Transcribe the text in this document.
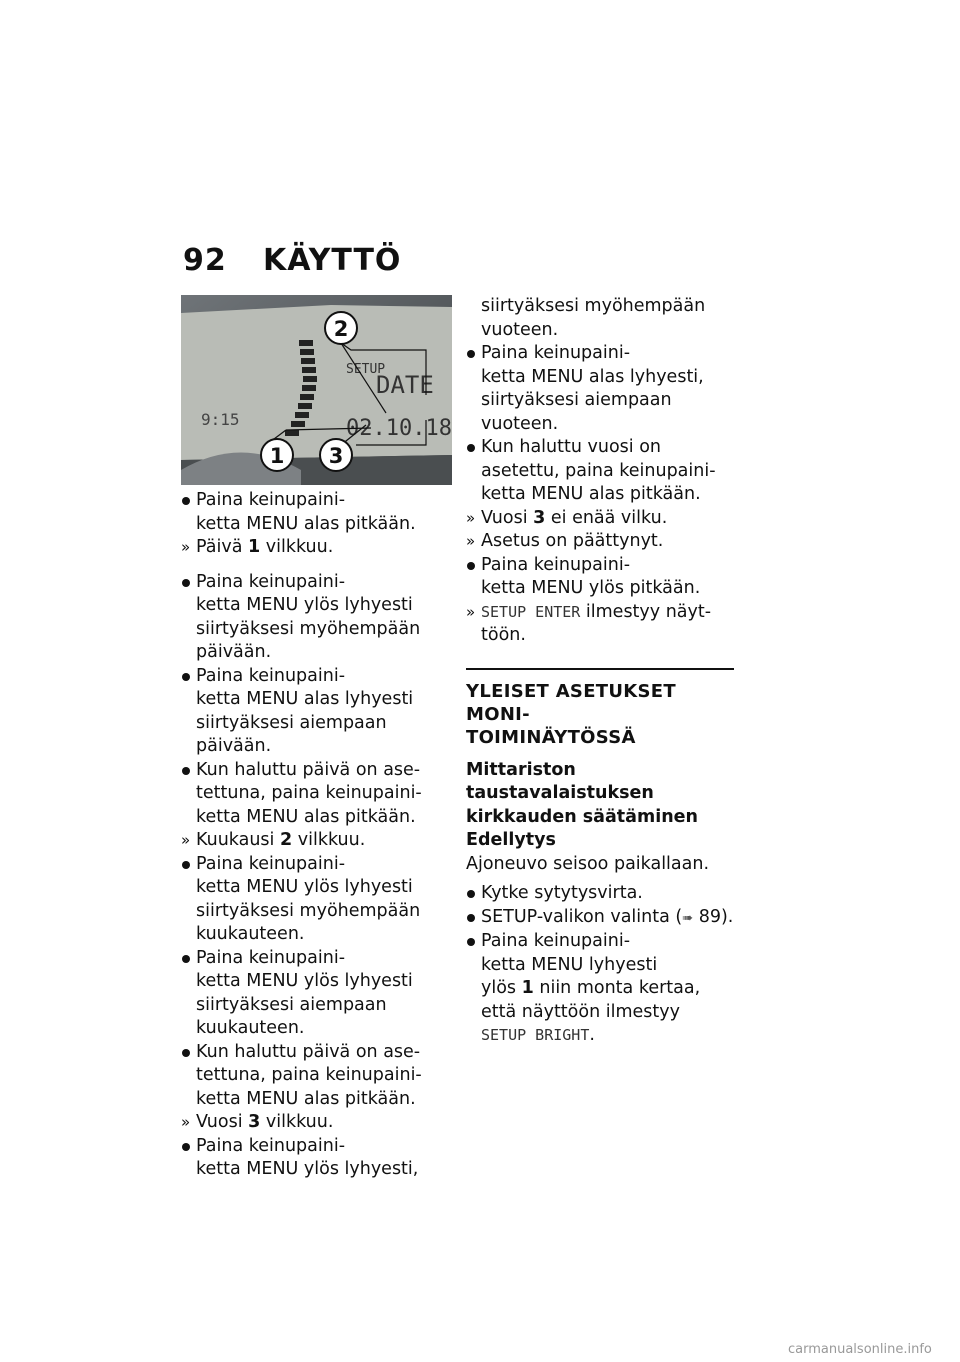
92 KÄYTTÖ
SETUP
DATE
02.10.18
9:15
2
1 3
Paina keinupaini-
ketta MENU alas pitkään.
» Päivä 1 vilkkuu.
Paina keinupaini-
ketta MENU ylös lyhyesti
siirtyäksesi myöhempään
päivään.
Paina keinupaini-
ketta MENU alas lyhyesti
siirtyäksesi aiempaan päivään.
Kun haluttu päivä on ase-
tettuna, paina keinupaini-
ketta MENU alas pitkään.
» Kuukausi 2 vilkkuu.
Paina keinupaini-
ketta MENU ylös lyhyesti
siirtyäksesi myöhempään
kuukauteen.
Paina keinupaini-
ketta MENU ylös lyhyesti
siirtyäksesi aiempaan
kuukauteen.
Kun haluttu päivä on ase-
tettuna, paina keinupaini-
ketta MENU alas pitkään.
» Vuosi 3 vilkkuu.
Paina keinupaini-
ketta MENU ylös lyhyesti,
siirtyäksesi myöhempään
vuoteen.
Paina keinupaini-
ketta MENU alas lyhyesti,
siirtyäksesi aiempaan vuoteen.
Kun haluttu vuosi on
asetettu, paina keinupaini-
ketta MENU alas pitkään.
» Vuosi 3 ei enää vilku.
» Asetus on päättynyt.
Paina keinupaini-
ketta MENU ylös pitkään.
» SETUP ENTER ilmestyy näyt-
töön.
YLEISET ASETUKSET MONI-
TOIMINÄYTÖSSÄ
Mittariston taustavalaistuksen
kirkkauden säätäminen
Edellytys
Ajoneuvo seisoo paikallaan.
Kytke sytytysvirta.
SETUP-valikon valinta (➠ 89).
Paina keinupaini-
ketta MENU lyhyesti
ylös 1 niin monta kertaa,
että näyttöön ilmestyy
SETUP BRIGHT.
carmanualsonline.info
